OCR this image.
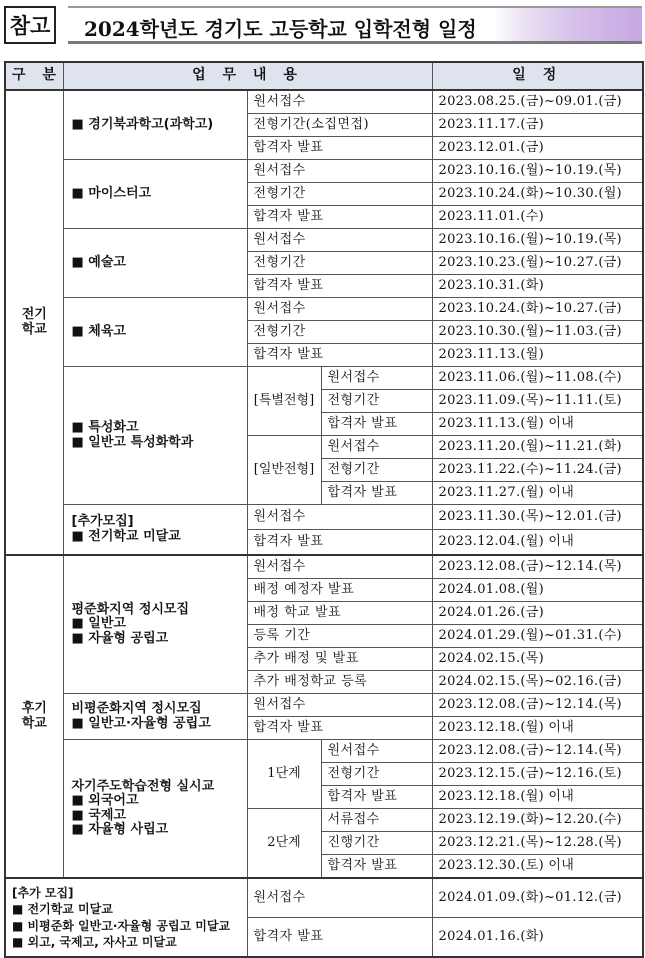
참고 2024학년도 경기도 고등학교 입학전형 일정
구 분	업 무 내 용			일 정

전기
학교	■ 경기북과학고(과학고)	원서접수		2023.08.25.(금)~09.01.(금)
		전형기간(소집면접)		2023.11.17.(금)
		합격자 발표		2023.12.01.(금)
	■ 마이스터고	원서접수		2023.10.16.(월)~10.19.(목)
		전형기간		2023.10.24.(화)~10.30.(월)
		합격자 발표		2023.11.01.(수)
	■ 예술고	원서접수		2023.10.16.(월)~10.19.(목)
		전형기간		2023.10.23.(월)~10.27.(금)
		합격자 발표		2023.10.31.(화)
	■ 체육고	원서접수		2023.10.24.(화)~10.27.(금)
		전형기간		2023.10.30.(월)~11.03.(금)
		합격자 발표		2023.11.13.(월)

	■ 특성화고
■ 일반고 특성화학과	[특별전형]	원서접수	2023.11.06.(월)~11.08.(수)
			전형기간	2023.11.09.(목)~11.11.(토)
			합격자 발표	2023.11.13.(월) 이내
		[일반전형]	원서접수	2023.11.20.(월)~11.21.(화)
			전형기간	2023.11.22.(수)~11.24.(금)
			합격자 발표	2023.11.27.(월) 이내

	[추가모집]
■ 전기학교 미달교	원서접수		2023.11.30.(목)~12.01.(금)
		합격자 발표		2023.12.04.(월) 이내

후기
학교	평준화지역 정시모집
■ 일반고
■ 자율형 공립고	원서접수		2023.12.08.(금)~12.14.(목)
		배정 예정자 발표		2024.01.08.(월)
		배정 학교 발표		2024.01.26.(금)
		등록 기간		2024.01.29.(월)~01.31.(수)
		추가 배정 및 발표		2024.02.15.(목)
		추가 배정학교 등록		2024.02.15.(목)~02.16.(금)

	비평준화지역 정시모집
■ 일반고·자율형 공립고	원서접수		2023.12.08.(금)~12.14.(목)
		합격자 발표		2023.12.18.(월) 이내

	자기주도학습전형 실시교
■ 외국어고
■ 국제고
■ 자율형 사립고	1단계	원서접수	2023.12.08.(금)~12.14.(목)
			전형기간	2023.12.15.(금)~12.16.(토)
			합격자 발표	2023.12.18.(월) 이내
		2단계	서류접수	2023.12.19.(화)~12.20.(수)
			진행기간	2023.12.21.(목)~12.28.(목)
			합격자 발표	2023.12.30.(토) 이내

[추가 모집]
■ 전기학교 미달교
■ 비평준화 일반고·자율형 공립고 미달교
■ 외고, 국제고, 자사고 미달교		원서접수		2024.01.09.(화)~01.12.(금)
		합격자 발표		2024.01.16.(화)
